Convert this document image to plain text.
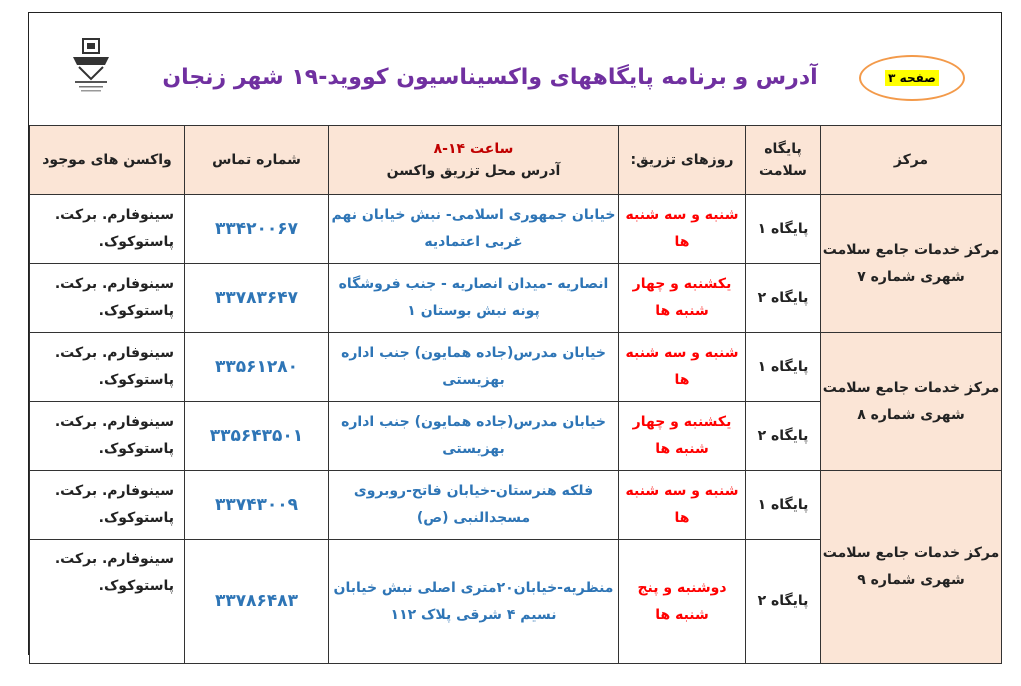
آدرس و برنامه پایگاههای واکسیناسیون کووید-۱۹ شهر زنجان	صفحه ۳
مرکز	پایگاه سلامت	روزهای تزریق:	ساعت ۱۴-۸
آدرس محل تزریق واکسن	شماره تماس	واکسن های موجود
مرکز خدمات جامع سلامت شهری شماره ۷	پایگاه ۱	شنبه و سه شنبه ها	خیابان جمهوری اسلامی- نبش خیابان نهم غربی اعتمادیه	۳۳۴۲۰۰۶۷	سینوفارم. برکت. پاستوکوک.
	پایگاه ۲	یکشنبه و چهار شنبه ها	انصاریه -میدان انصاریه - جنب فروشگاه پونه نبش بوستان ۱	۳۳۷۸۳۶۴۷	سینوفارم. برکت. پاستوکوک.
مرکز خدمات جامع سلامت شهری شماره ۸	پایگاه ۱	شنبه و سه شنبه ها	خیابان مدرس(جاده همایون) جنب اداره بهزیستی	۳۳۵۶۱۲۸۰	سینوفارم. برکت. پاستوکوک.
	پایگاه ۲	یکشنبه و چهار شنبه ها	خیابان مدرس(جاده همایون) جنب اداره بهزیستی	۳۳۵۶۴۳۵۰۱	سینوفارم. برکت. پاستوکوک.
مرکز خدمات جامع سلامت شهری شماره ۹	پایگاه ۱	شنبه و سه شنبه ها	فلکه هنرستان-خیابان فاتح-روبروی مسجدالنبی (ص)	۳۳۷۴۳۰۰۹	سینوفارم. برکت. پاستوکوک.
	پایگاه ۲	دوشنبه و پنج شنبه ها	منظریه-خیابان۲۰متری اصلی نبش خیابان نسیم ۴ شرقی پلاک ۱۱۲	۳۳۷۸۶۴۸۳	سینوفارم. برکت. پاستوکوک.
